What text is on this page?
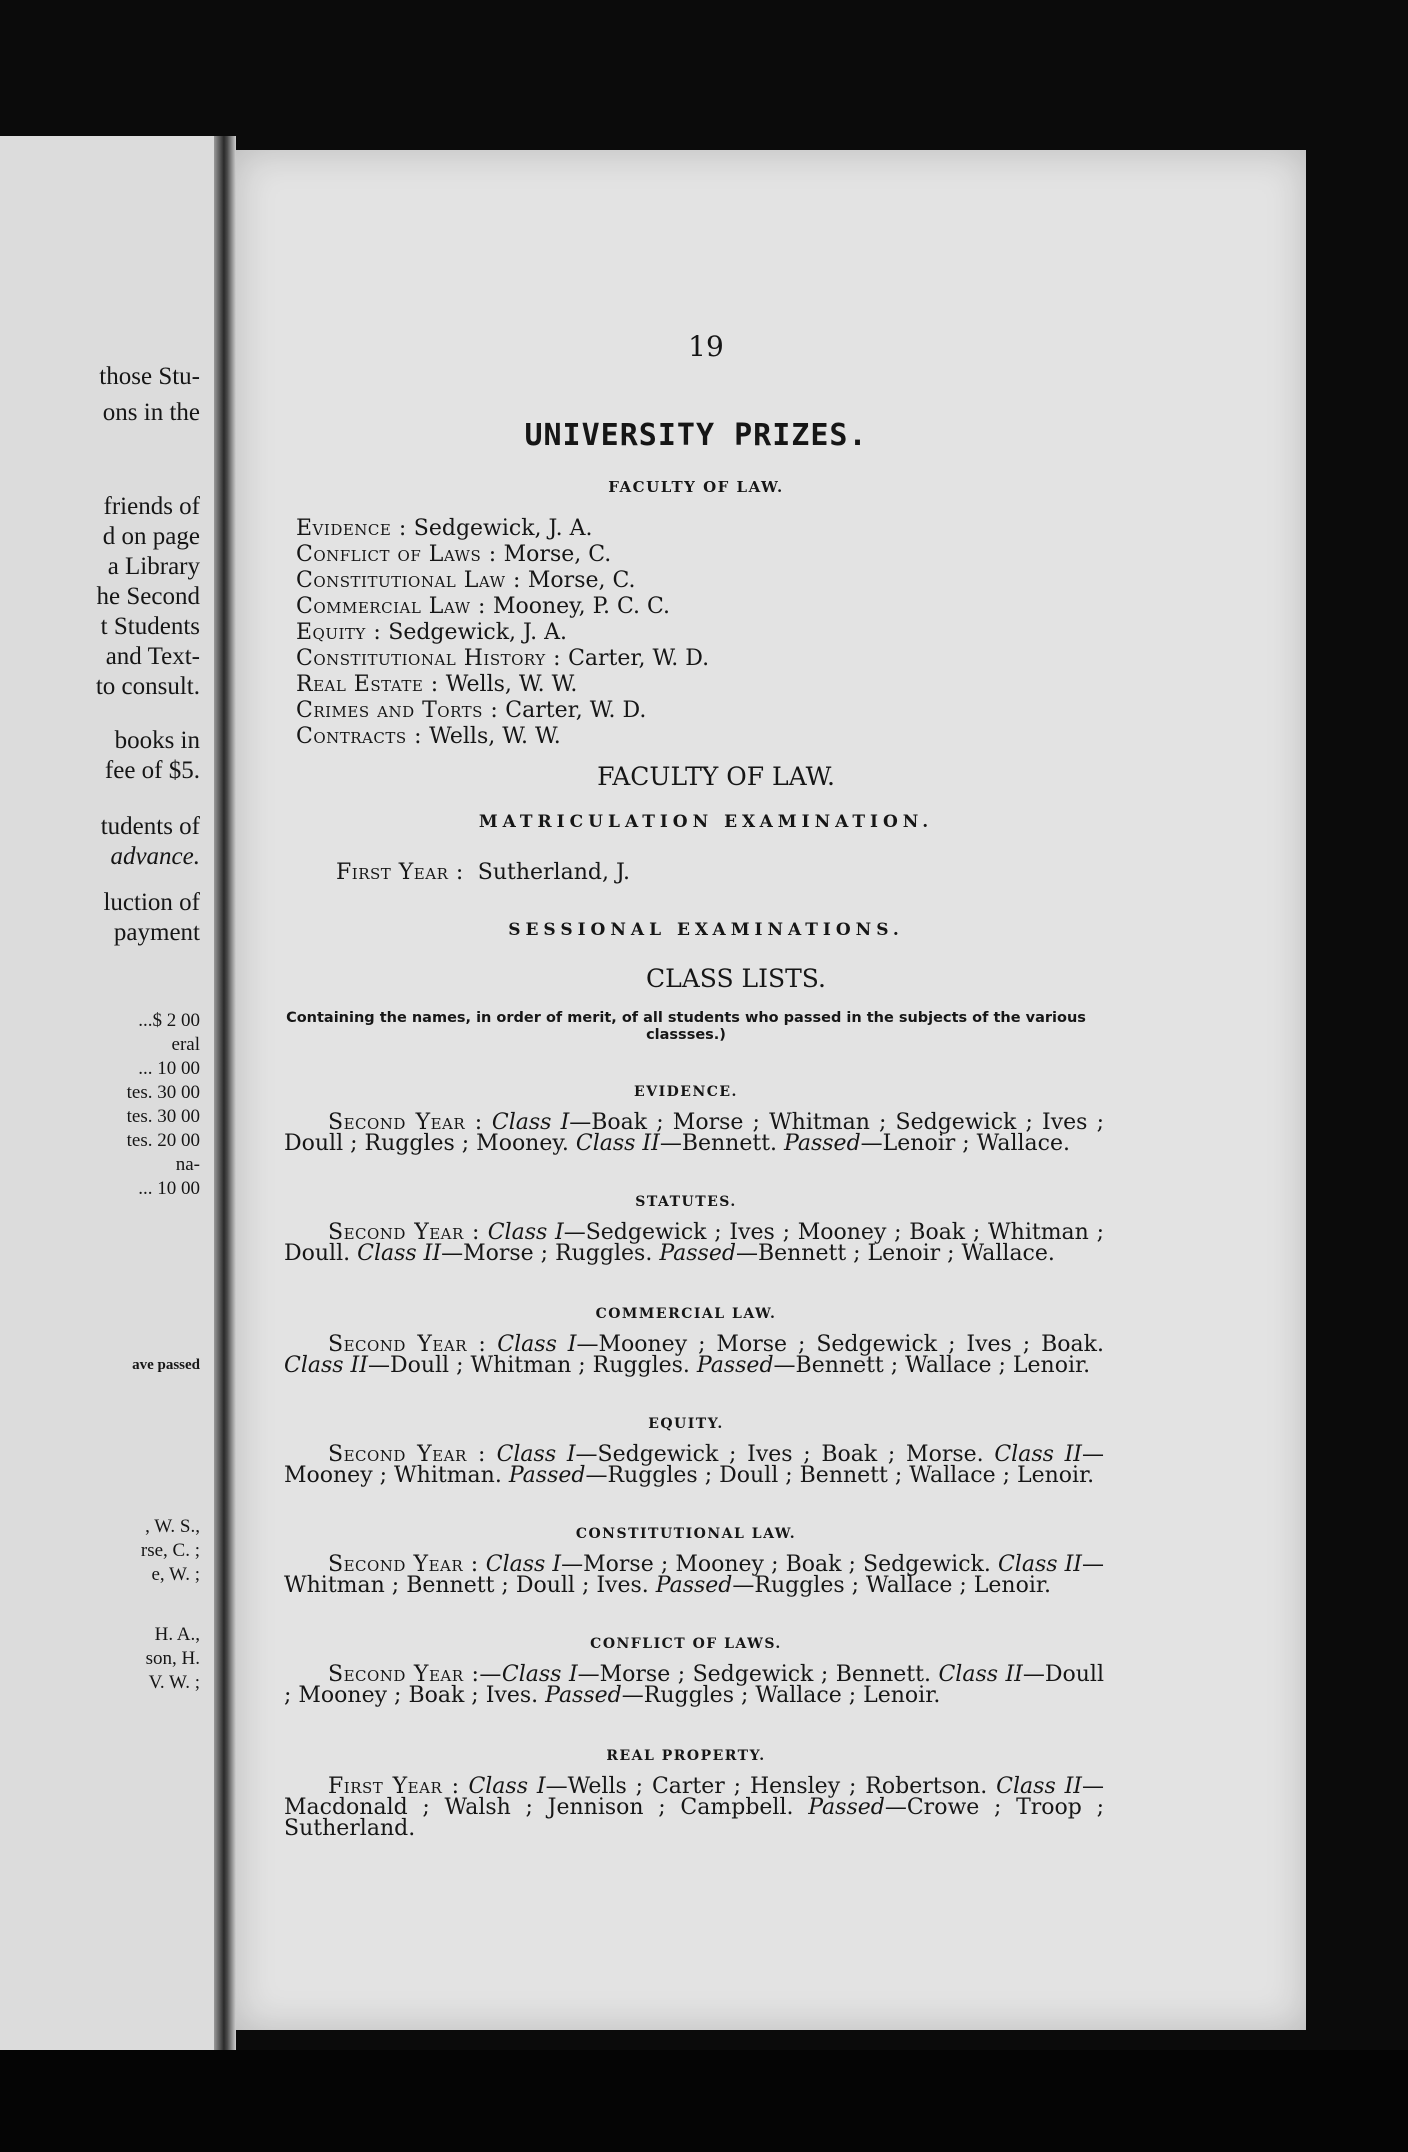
those Stu-
ons in the
friends of
d on page
a Library
he Second
t Students
and Text-
to consult.
books in
fee of $5.
tudents of
advance.
luction of
payment
...$ 2 00
eral
... 10 00
tes. 30 00
tes. 30 00
tes. 20 00
na-
... 10 00
ave passed
, W. S.,
rse, C. ;
e, W. ;
H. A.,
son, H.
V. W. ;
19
UNIVERSITY PRIZES.
FACULTY OF LAW.
Evidence : Sedgewick, J. A.
Conflict of Laws : Morse, C.
Constitutional Law : Morse, C.
Commercial Law : Mooney, P. C. C.
Equity : Sedgewick, J. A.
Constitutional History : Carter, W. D.
Real Estate : Wells, W. W.
Crimes and Torts : Carter, W. D.
Contracts : Wells, W. W.
FACULTY OF LAW.
MATRICULATION EXAMINATION.
First Year : Sutherland, J.
SESSIONAL EXAMINATIONS.
CLASS LISTS.
Containing the names, in order of merit, of all students who passed in the subjects of the various classses.)
EVIDENCE.
Second Year : Class I—Boak ; Morse ; Whitman ; Sedgewick ; Ives ; Doull ; Ruggles ; Mooney. Class II—Bennett. Passed—Lenoir ; Wallace.
STATUTES.
Second Year : Class I—Sedgewick ; Ives ; Mooney ; Boak ; Whitman ; Doull. Class II—Morse ; Ruggles. Passed—Bennett ; Lenoir ; Wallace.
COMMERCIAL LAW.
Second Year : Class I—Mooney ; Morse ; Sedgewick ; Ives ; Boak. Class II—Doull ; Whitman ; Ruggles. Passed—Bennett ; Wallace ; Lenoir.
EQUITY.
Second Year : Class I—Sedgewick ; Ives ; Boak ; Morse. Class II—Mooney ; Whitman. Passed—Ruggles ; Doull ; Bennett ; Wallace ; Lenoir.
CONSTITUTIONAL LAW.
Second Year : Class I—Morse ; Mooney ; Boak ; Sedgewick. Class II—Whitman ; Bennett ; Doull ; Ives. Passed—Ruggles ; Wallace ; Lenoir.
CONFLICT OF LAWS.
Second Year :—Class I—Morse ; Sedgewick ; Bennett. Class II—Doull ; Mooney ; Boak ; Ives. Passed—Ruggles ; Wallace ; Lenoir.
REAL PROPERTY.
First Year : Class I—Wells ; Carter ; Hensley ; Robertson. Class II—Macdonald ; Walsh ; Jennison ; Campbell. Passed—Crowe ; Troop ; Sutherland.
